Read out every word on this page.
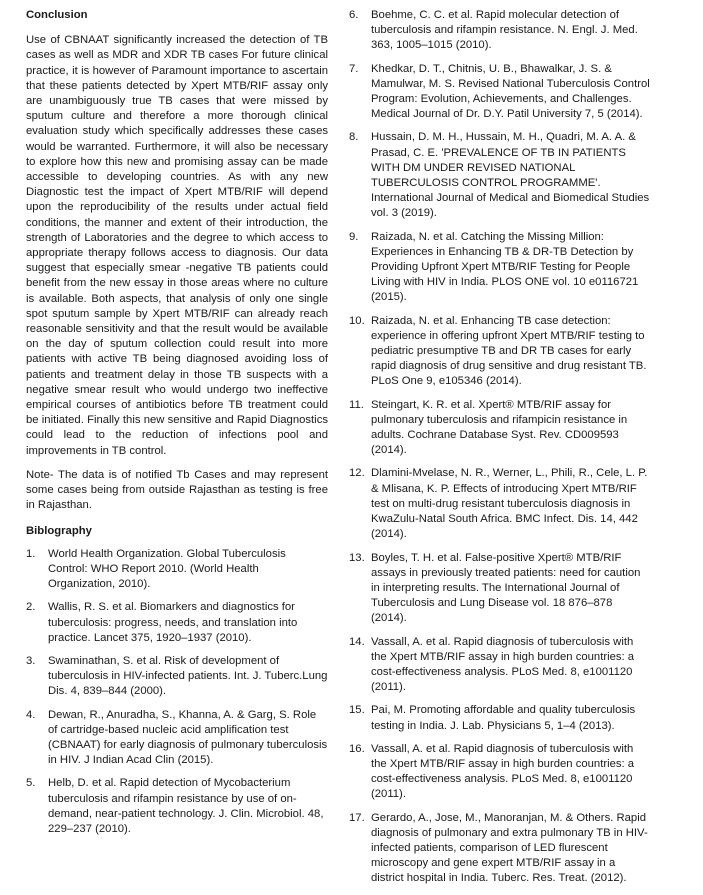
Conclusion

Use of CBNAAT significantly increased the detection of TB cases as well as MDR and XDR TB cases For future clinical practice, it is however of Paramount importance to ascertain that these patients detected by Xpert MTB/RIF assay only are unambiguously true TB cases that were missed by sputum culture and therefore a more thorough clinical evaluation study which specifically addresses these cases would be warranted. Furthermore, it will also be necessary to explore how this new and promising assay can be made accessible to developing countries. As with any new Diagnostic test the impact of Xpert MTB/RIF will depend upon the reproducibility of the results under actual field conditions, the manner and extent of their introduction, the strength of Laboratories and the degree to which access to appropriate therapy follows access to diagnosis. Our data suggest that especially smear -negative TB patients could benefit from the new essay in those areas where no culture is available. Both aspects, that analysis of only one single spot sputum sample by Xpert MTB/RIF can already reach reasonable sensitivity and that the result would be available on the day of sputum collection could result into more patients with active TB being diagnosed avoiding loss of patients and treatment delay in those TB suspects with a negative smear result who would undergo two ineffective empirical courses of antibiotics before TB treatment could be initiated. Finally this new sensitive and Rapid Diagnostics could lead to the reduction of infections pool and improvements in TB control.

Note- The data is of notified Tb Cases and may represent some cases being from outside Rajasthan as testing is free in Rajasthan.

Biblography
1.	World Health Organization. Global Tuberculosis Control: WHO Report 2010. (World Health Organization, 2010).
2.	Wallis, R. S. et al. Biomarkers and diagnostics for tuberculosis: progress, needs, and translation into practice. Lancet 375, 1920–1937 (2010).
3.	Swaminathan, S. et al. Risk of development of tuberculosis in HIV-infected patients. Int. J. Tuberc.Lung Dis. 4, 839–844 (2000).
4.	Dewan, R., Anuradha, S., Khanna, A. & Garg, S. Role of cartridge-based nucleic acid amplification test (CBNAAT) for early diagnosis of pulmonary tuberculosis in HIV. J Indian Acad Clin (2015).
5.	Helb, D. et al. Rapid detection of Mycobacterium tuberculosis and rifampin resistance by use of on-demand, near-patient technology. J. Clin. Microbiol. 48, 229–237 (2010).
6.	Boehme, C. C. et al. Rapid molecular detection of tuberculosis and rifampin resistance. N. Engl. J. Med. 363, 1005–1015 (2010).
7.	Khedkar, D. T., Chitnis, U. B., Bhawalkar, J. S. & Mamulwar, M. S. Revised National Tuberculosis Control Program: Evolution, Achievements, and Challenges. Medical Journal of Dr. D.Y. Patil University 7, 5 (2014).
8.	Hussain, D. M. H., Hussain, M. H., Quadri, M. A. A. & Prasad, C. E. 'PREVALENCE OF TB IN PATIENTS WITH DM UNDER REVISED NATIONAL TUBERCULOSIS CONTROL PROGRAMME'. International Journal of Medical and Biomedical Studies vol. 3 (2019).
9.	Raizada, N. et al. Catching the Missing Million: Experiences in Enhancing TB & DR-TB Detection by Providing Upfront Xpert MTB/RIF Testing for People Living with HIV in India. PLOS ONE vol. 10 e0116721 (2015).
10. Raizada, N. et al. Enhancing TB case detection: experience in offering upfront Xpert MTB/RIF testing to pediatric presumptive TB and DR TB cases for early rapid diagnosis of drug sensitive and drug resistant TB. PLoS One 9, e105346 (2014).
11. Steingart, K. R. et al. Xpert® MTB/RIF assay for pulmonary tuberculosis and rifampicin resistance in adults. Cochrane Database Syst. Rev. CD009593 (2014).
12. Dlamini-Mvelase, N. R., Werner, L., Phili, R., Cele, L. P. & Mlisana, K. P. Effects of introducing Xpert MTB/RIF test on multi-drug resistant tuberculosis diagnosis in KwaZulu-Natal South Africa. BMC Infect. Dis. 14, 442 (2014).
13. Boyles, T. H. et al. False-positive Xpert® MTB/RIF assays in previously treated patients: need for caution in interpreting results. The International Journal of Tuberculosis and Lung Disease vol. 18 876–878 (2014).
14. Vassall, A. et al. Rapid diagnosis of tuberculosis with the Xpert MTB/RIF assay in high burden countries: a cost-effectiveness analysis. PLoS Med. 8, e1001120 (2011).
15. Pai, M. Promoting affordable and quality tuberculosis testing in India. J. Lab. Physicians 5, 1–4 (2013).
16. Vassall, A. et al. Rapid diagnosis of tuberculosis with the Xpert MTB/RIF assay in high burden countries: a cost-effectiveness analysis. PLoS Med. 8, e1001120 (2011).
17. Gerardo, A., Jose, M., Manoranjan, M. & Others. Rapid diagnosis of pulmonary and extra pulmonary TB in HIV-infected patients, comparison of LED flurescent microscopy and gene expert MTB/RIF assay in a district hospital in India. Tuberc. Res. Treat. (2012).
